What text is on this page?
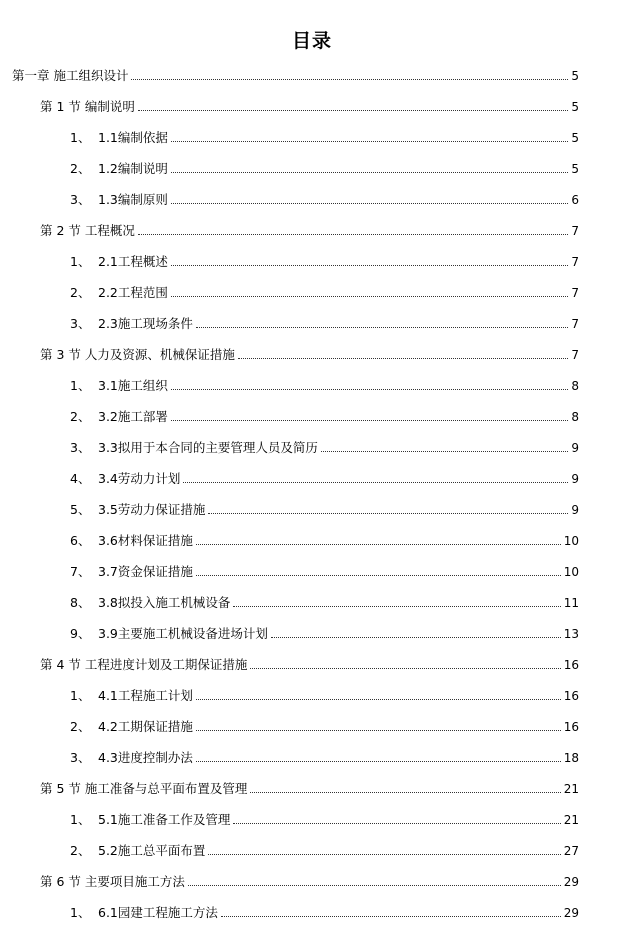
目录
第一章 施工组织设计	5
第 1 节 编制说明	5
1、 1.1编制依据	5
2、 1.2编制说明	5
3、 1.3编制原则	6
第 2 节 工程概况	7
1、 2.1工程概述	7
2、 2.2工程范围	7
3、 2.3施工现场条件	7
第 3 节 人力及资源、机械保证措施	7
1、 3.1施工组织	8
2、 3.2施工部署	8
3、 3.3拟用于本合同的主要管理人员及简历	9
4、 3.4劳动力计划	9
5、 3.5劳动力保证措施	9
6、 3.6材料保证措施	10
7、 3.7资金保证措施	10
8、 3.8拟投入施工机械设备	11
9、 3.9主要施工机械设备进场计划	13
第 4 节 工程进度计划及工期保证措施	16
1、 4.1工程施工计划	16
2、 4.2工期保证措施	16
3、 4.3进度控制办法	18
第 5 节 施工准备与总平面布置及管理	21
1、 5.1施工准备工作及管理	21
2、 5.2施工总平面布置	27
第 6 节 主要项目施工方法	29
1、 6.1园建工程施工方法	29
